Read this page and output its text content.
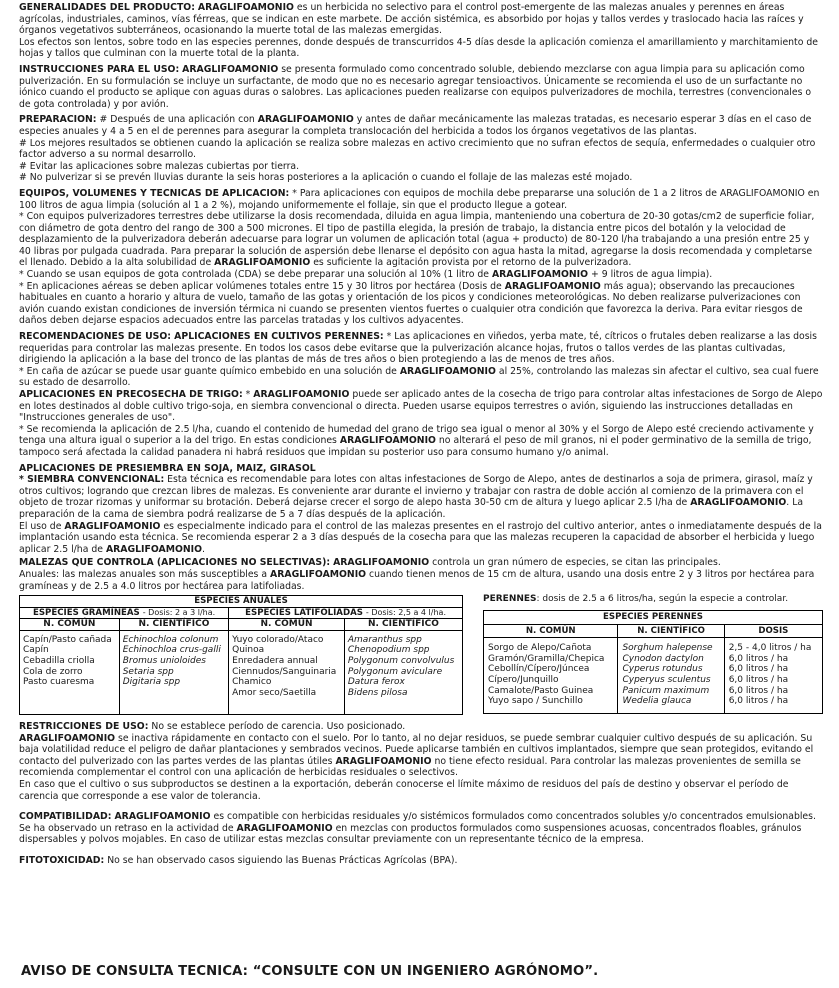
GENERALIDADES DEL PRODUCTO: ARAGLIFOAMONIO es un herbicida no selectivo para el control post-emergente de las malezas anuales y perennes en áreas agrícolas, industriales, caminos, vías férreas, que se indican en este marbete. De acción sistémica, es absorbido por hojas y tallos verdes y traslocado hacia las raíces y órganos vegetativos subterráneos, ocasionando la muerte total de las malezas emergidas.

Los efectos son lentos, sobre todo en las especies perennes, donde después de transcurridos 4-5 días desde la aplicación comienza el amarillamiento y marchitamiento de hojas y tallos que culminan con la muerte total de la planta.

INSTRUCCIONES PARA EL USO: ARAGLIFOAMONIO se presenta formulado como concentrado soluble, debiendo mezclarse con agua limpia para su aplicación como pulverización. En su formulación se incluye un surfactante, de modo que no es necesario agregar tensioactivos. Únicamente se recomienda el uso de un surfactante no iónico cuando el producto se aplique con aguas duras o salobres. Las aplicaciones pueden realizarse con equipos pulverizadores de mochila, terrestres (convencionales o de gota controlada) y por avión.

PREPARACION: # Después de una aplicación con ARAGLIFOAMONIO y antes de dañar mecánicamente las malezas tratadas, es necesario esperar 3 días en el caso de especies anuales y 4 a 5 en el de perennes para asegurar la completa translocación del herbicida a todos los órganos vegetativos de las plantas.

# Los mejores resultados se obtienen cuando la aplicación se realiza sobre malezas en activo crecimiento que no sufran efectos de sequía, enfermedades o cualquier otro factor adverso a su normal desarrollo.

# Evitar las aplicaciones sobre malezas cubiertas por tierra.

# No pulverizar si se prevén lluvias durante la seis horas posteriores a la aplicación o cuando el follaje de las malezas esté mojado.

EQUIPOS, VOLUMENES Y TECNICAS DE APLICACION: * Para aplicaciones con equipos de mochila debe prepararse una solución de 1 a 2 litros de ARAGLIFOAMONIO en 100 litros de agua limpia (solución al 1 a 2 %), mojando uniformemente el follaje, sin que el producto llegue a gotear.

* Con equipos pulverizadores terrestres debe utilizarse la dosis recomendada, diluida en agua limpia, manteniendo una cobertura de 20-30 gotas/cm2 de superficie foliar, con diámetro de gota dentro del rango de 300 a 500 micrones. El tipo de pastilla elegida, la presión de trabajo, la distancia entre picos del botalón y la velocidad de desplazamiento de la pulverizadora deberán adecuarse para lograr un volumen de aplicación total (agua + producto) de 80-120 l/ha trabajando a una presión entre 25 y 40 libras por pulgada cuadrada. Para preparar la solución de aspersión debe llenarse el depósito con agua hasta la mitad, agregarse la dosis recomendada y completarse el llenado. Debido a la alta solubilidad de ARAGLIFOAMONIO es suficiente la agitación provista por el retorno de la pulverizadora.

* Cuando se usan equipos de gota controlada (CDA) se debe preparar una solución al 10% (1 litro de ARAGLIFOAMONIO + 9 litros de agua limpia).

* En aplicaciones aéreas se deben aplicar volúmenes totales entre 15 y 30 litros por hectárea (Dosis de ARAGLIFOAMONIO más agua); observando las precauciones habituales en cuanto a horario y altura de vuelo, tamaño de las gotas y orientación de los picos y condiciones meteorológicas. No deben realizarse pulverizaciones con avión cuando existan condiciones de inversión térmica ni cuando se presenten vientos fuertes o cualquier otra condición que favorezca la deriva. Para evitar riesgos de daños deben dejarse espacios adecuados entre las parcelas tratadas y los cultivos adyacentes.

RECOMENDACIONES DE USO: APLICACIONES EN CULTIVOS PERENNES: * Las aplicaciones en viñedos, yerba mate, té, cítricos o frutales deben realizarse a las dosis requeridas para controlar las malezas presente. En todos los casos debe evitarse que la pulverización alcance hojas, frutos o tallos verdes de las plantas cultivadas, dirigiendo la aplicación a la base del tronco de las plantas de más de tres años o bien protegiendo a las de menos de tres años.

* En caña de azúcar se puede usar guante químico embebido en una solución de ARAGLIFOAMONIO al 25%, controlando las malezas sin afectar el cultivo, sea cual fuere su estado de desarrollo.

APLICACIONES EN PRECOSECHA DE TRIGO: * ARAGLIFOAMONIO puede ser aplicado antes de la cosecha de trigo para controlar altas infestaciones de Sorgo de Alepo en lotes destinados al doble cultivo trigo-soja, en siembra convencional o directa. Pueden usarse equipos terrestres o avión, siguiendo las instrucciones detalladas en "Instrucciones generales de uso".

* Se recomienda la aplicación de 2.5 l/ha, cuando el contenido de humedad del grano de trigo sea igual o menor al 30% y el Sorgo de Alepo esté creciendo activamente y tenga una altura igual o superior a la del trigo. En estas condiciones ARAGLIFOAMONIO no alterará el peso de mil granos, ni el poder germinativo de la semilla de trigo, tampoco será afectada la calidad panadera ni habrá residuos que impidan su posterior uso para consumo humano y/o animal.

APLICACIONES DE PRESIEMBRA EN SOJA, MAIZ, GIRASOL

* SIEMBRA CONVENCIONAL: Esta técnica es recomendable para lotes con altas infestaciones de Sorgo de Alepo, antes de destinarlos a soja de primera, girasol, maíz y otros cultivos; logrando que crezcan libres de malezas. Es conveniente arar durante el invierno y trabajar con rastra de doble acción al comienzo de la primavera con el objeto de trozar rizomas y uniformar su brotación. Deberá dejarse crecer el sorgo de alepo hasta 30-50 cm de altura y luego aplicar 2.5 l/ha de ARAGLIFOAMONIO. La preparación de la cama de siembra podrá realizarse de 5 a 7 días después de la aplicación.

El uso de ARAGLIFOAMONIO es especialmente indicado para el control de las malezas presentes en el rastrojo del cultivo anterior, antes o inmediatamente después de la implantación usando esta técnica. Se recomienda esperar 2 a 3 días después de la cosecha para que las malezas recuperen la capacidad de absorber el herbicida y luego aplicar 2.5 l/ha de ARAGLIFOAMONIO.

MALEZAS QUE CONTROLA (APLICACIONES NO SELECTIVAS): ARAGLIFOAMONIO controla un gran número de especies, se citan las principales.

Anuales: las malezas anuales son más susceptibles a ARAGLIFOAMONIO cuando tienen menos de 15 cm de altura, usando una dosis entre 2 y 3 litros por hectárea para gramíneas y de 2.5 a 4.0 litros por hectárea para latifoliadas.

ESPECIES ANUALES			
ESPECIES GRAMÍNEAS - Dosis: 2 a 3 l/ha.		ESPECIES LATIFOLIADAS - Dosis: 2,5 a 4 l/ha.	
N. COMÚN	N. CIENTÍFICO	N. COMÚN	N. CIENTÍFICO
Capín/Pasto cañada	Echinochloa colonum	Yuyo colorado/Ataco	Amaranthus spp
Capín	Echinochloa crus-galli	Quinoa	Chenopodium spp
Cebadilla criolla	Bromus unioloides	Enredadera annual	Polygonum convolvulus
Cola de zorro	Setaria spp	Ciennudos/Sanguinaria	Polygonum aviculare
Pasto cuaresma	Digitaria spp	Chamico	Datura ferox
		Amor seco/Saetilla	Bidens pilosa

PERENNES: dosis de 2.5 a 6 litros/ha, según la especie a controlar.
ESPECIES PERENNES		
N. COMÚN	N. CIENTÍFICO	DOSIS
Sorgo de Alepo/Cañota	Sorghum halepense	2,5 - 4,0 litros / ha
Gramón/Gramilla/Chepica	Cynodon dactylon	6,0 litros / ha
Cebollín/Cípero/Júncea	Cyperus rotundus	6,0 litros / ha
Cípero/Junquillo	Cyperyus sculentus	6,0 litros / ha
Camalote/Pasto Guinea	Panicum maximum	6,0 litros / ha
Yuyo sapo / Sunchillo	Wedelia glauca	6,0 litros / ha

RESTRICCIONES DE USO: No se establece período de carencia. Uso posicionado.

ARAGLIFOAMONIO se inactiva rápidamente en contacto con el suelo. Por lo tanto, al no dejar residuos, se puede sembrar cualquier cultivo después de su aplicación. Su baja volatilidad reduce el peligro de dañar plantaciones y sembrados vecinos. Puede aplicarse también en cultivos implantados, siempre que sean protegidos, evitando el contacto del pulverizado con las partes verdes de las plantas útiles ARAGLIFOAMONIO no tiene efecto residual. Para controlar las malezas provenientes de semilla se recomienda complementar el control con una aplicación de herbicidas residuales o selectivos.

En caso que el cultivo o sus subproductos se destinen a la exportación, deberán conocerse el límite máximo de residuos del país de destino y observar el período de carencia que corresponde a ese valor de tolerancia.

COMPATIBILIDAD: ARAGLIFOAMONIO es compatible con herbicidas residuales y/o sistémicos formulados como concentrados solubles y/o concentrados emulsionables.

Se ha observado un retraso en la actividad de ARAGLIFOAMONIO en mezclas con productos formulados como suspensiones acuosas, concentrados floables, gránulos dispersables y polvos mojables. En caso de utilizar estas mezclas consultar previamente con un representante técnico de la empresa.

FITOTOXICIDAD: No se han observado casos siguiendo las Buenas Prácticas Agrícolas (BPA).

AVISO DE CONSULTA TECNICA: “CONSULTE CON UN INGENIERO AGRÓNOMO”.
